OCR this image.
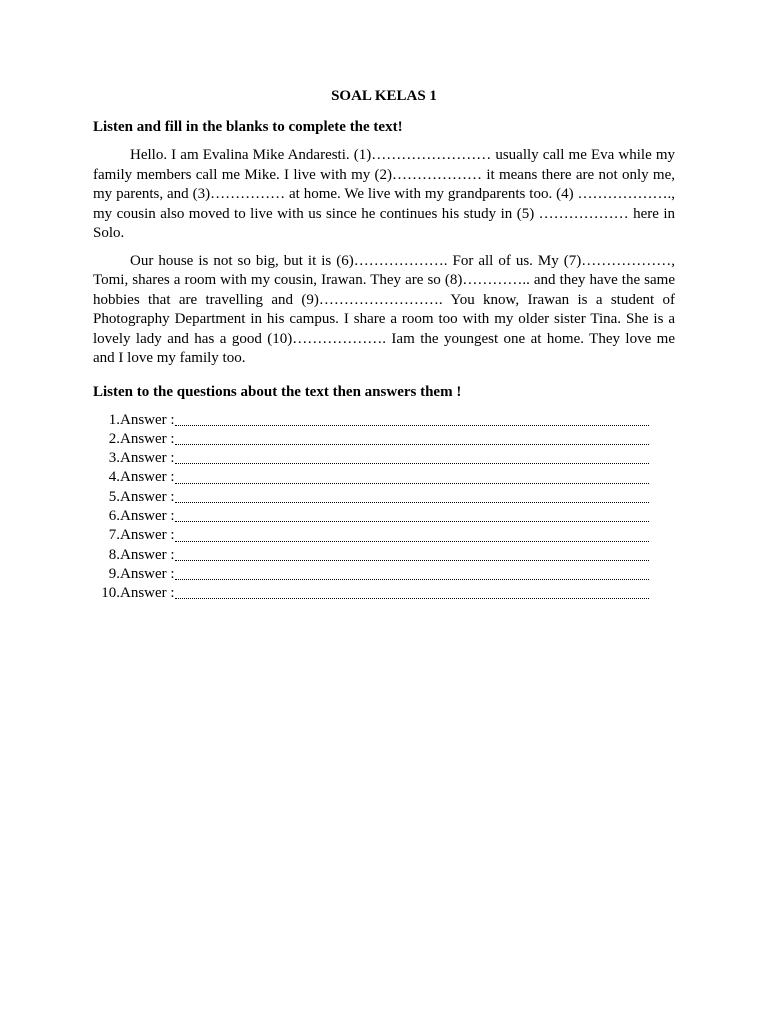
SOAL KELAS 1
Listen and fill in the blanks to complete the text!

Hello. I am Evalina Mike Andaresti. (1)…………………… usually call me Eva while my family members call me Mike. I live with my (2)……………… it means there are not only me, my parents, and (3)…………… at home. We live with my grandparents too. (4) ………………., my cousin also moved to live with us since he continues his study in (5) ……………… here in Solo.

Our house is not so big, but it is (6)………………. For all of us. My (7)………………, Tomi, shares a room with my cousin, Irawan. They are so (8)………….. and they have the same hobbies that are travelling and (9)……………………. You know, Irawan is a student of Photography Department in his campus. I share a room too with my older sister Tina. She is a lovely lady and has a good (10)………………. Iam the youngest one at home. They love me and I love my family too.

Listen to the questions about the text then answers them !
1. Answer :
2. Answer :
3. Answer :
4. Answer :
5. Answer :
6. Answer :
7. Answer :
8. Answer :
9. Answer :
10. Answer :
